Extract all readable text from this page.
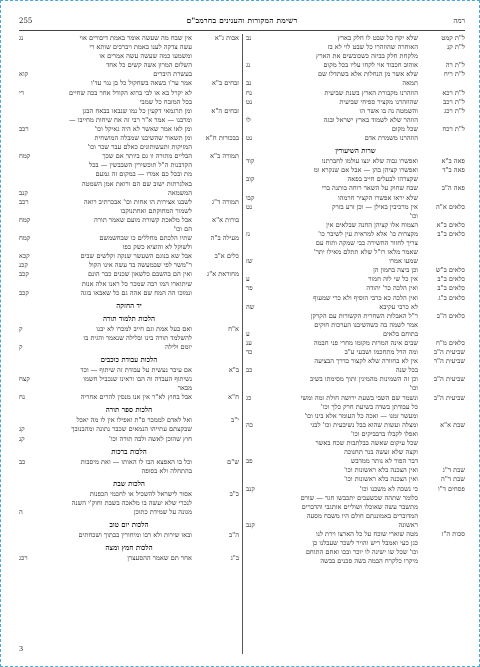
רמה
רשימת המקורות והענינים בחרמב"ם
255
ל"ת קמט
שלא יקח כל שבט לו חלק בארץ
נב
ל"ת קנ
האוחרה שהוזהרו כל שבט לוי לא בז
מלקחת חלק בביזה כשכובשים את הארץ
ל"ת רה
אוהוב חכבוד אוי לקחו עליו בכל מקום
נג
ל"ת ריח
שלא אשר מן הנחלות אלא בשתדלו שם
תמאה
נב
ל"ת רכא
הוזהרנו מקבורת הארץ בשנת שביעית
נח
ל"ת רכב
שהוזהרנו מקציר ספיחי שביעית
נט
ל"ת רכג
והשמטה נה בו אשר הו
הוזהר שלא לשמוד בארץ ישראל ובגה
לו
ל"ת רכח
שכל מקום
הוזהרנו משמרת אדם
נט
שרות השיעורין
פאה ב"א
ואפשרו גבוה שלא יגצו עולמו לחברתנו
קוד
פאה ב"ד
ואפשרו קציהן בהן — אבל אם שנקרא ומ
שקצרהו לבעלים חייב בפאה
קוב
פאה ה"ב
שבח שחוק על השאר רוחה בותנה ברי
שלא יראו אפשרו הקציר חרמהו
קבו
כלאים א"ה
אין מרכיבין באילן — וכן זרע בזרק
נט
וכו'
כלאים ב"א
הצמוח אלו קציהן החנה שבלאים אין
כלאים ב"ב
מקצרות כו' אלא למראית עין לשיבר כו'
נז
צריך לחזור החשירה כבי שמקה ותוח עם
שאמר מלאו רו"ל שלא תתלם מאילו יתר'
שמעו אמרו
שז
כלאים ב"ש
וכן ביצה בחמון הן
כלאים ב"ב
אין כל שי לוה חמור
ע
כלאים ב"ב
ואין הלכה כר' יהודה
פר
כלאים ב"ג
ואין הלכה כא כרבי הוסיף ולא כרי שמעוף
לא כרבי עקיבא
שה
כלאים ה"ב
ר"ל האבלות השחרית הקשורות עם הקרקן
אמר לשמה בה כשהשיבנו הערכות חוקים
בתוחם בלאים
ע
כלאים מ"ח
שבים אינה המרות מקומו מחרי פני חבמה
ענ
שביעית ה"ב
ומה הדל מתחכמו ושבעי ע"ב
כד
שביעית ה"ד
אין לא בחוורה שלא לקצור בדרך הבציעה
בכל שנה
כב
שביעית ה"ב
וכן זה השמינות מהמינין ותוך מסימתו בשיב
וכו'
שביעית ה"ב
ונשמר שם השבי בשעת ירושה חולת ומה ומשי
כג
כל עבודתן בשדה בשיעת חרק כלך וכו'
ומעשר זמנו — ואכה כל העומר אלא בינו וכו'
שבת א"א
ומצלה ועשות שהוא בבל נשיבעית וכו' לבגי
כה
ואפלו לקבלו ברבביקים וכו'
שכל עיקום שאשה בבלתבות שכח באשר
וקצה שלא זעשה בנר תחנוכה
דבר הפור לא נותר ממדבש
פב
שבת ד"ג
ואין הצכנה בלא ראשונות וכו'
שבת ד"ה
ואין הצכנה בלא ראשונות וכו'
פסחים ד"ו
כי נשכה לא משכנו וכו'
קנב
כלומר שתהה שכשעבים יתכבשו חגר — שורם
מתשבר עשה שאוכלו ושוליים אותגבי והדברים
המדוברים באמוננתם חולם היו משבח מסעה
ראשונה
קנב
סכות ה"ז
מטה שוארי שוכח על כל הארצו וירת לנו
כגן כעי ואמבל ריש והויר לשכר שעבלנו כן
וכו' שכל שו ישינה לו יוכר ובכו ואחם התוחם
מיקרו כלקרח הבמה בשה סכנים בבשה
אבות ג"א
אין שבח מה שעשה אומר באמת דיבורים אוי
נג
עשה צדקה לענו באמת ויברכים שותא רי
ומשמעו כמה שעשה עשה אמרים או
השלום המרון אשה קשים כל אחד
בעשרת היברים
קוא
זבחים ב"א
אמר ער'ו בשאה בשחקול כל בן נגר עד'ו
לא יקרל בא או לבי ברוא הקודל אחר בכה שחיים
רי
בכל המזבח כל שמבי
זבחים ה"א
ומן תרגמאי דקעין כל נמו שנבאו בבאח הבגן
ומרבנו — אמר א"ר רבי זה אח שיחות מחייבו —
ומן לאו אמר שאשר לא היה גאיקל וכו'
רכב
בבכורות ח"א
ומן תשאור שהשיבנו שמבלה המושחית
המזיקות ותעשותונים כאלם עבר שכר וכו'
תמורה ב"א
הבליים מתורה וו גם ביותר אם שכך
קמח
הקדבנות ה"ל תוכשירין השבבשין — בכל
מת ובכל כם אמרו — במקום זה גמעם
באלגרתות ישוב שם הם ורואת אמן השמטה
המשמאה
קנב
תמורה ד"ג
לשבנו אצירות הו אחות וכו' אבכרתיב רואה
רכב
לשמור המחוקתם ואחתנוקבו
בורות א"א
אבל מלאכת קשורת מועם שאמר תורה
קמח
הם וכו'
מעילה ב"ה
שתיו הלכתם מחללים כו שבחשמשם
קמח
ולשוקל לא והוציא כשק כפו
כלים א"ב
אבל שא בנוגם השעשר שנקה וקלשים שבים
קכא
ר"משר לפי שבמעשה בד עשה אינו הקול
קכנ
מחוראת א"ג
ואין הם בהשבם כלשאון שכנים כבר הונם
קכב
שיתוארו המו רבה שמכר כל ראנו אלה אנות
ונמוכו הה המח שם אהה גם כל שאבאו בוגה
קכב
יד החזקה
הלכות תלמוד תורה
א"ח
ואם בעל אמת וגם חייב למכרו לא יבנו
ק
להשלמד תורה בינו ובלילה שנאמר והגית בו
יומם ולילה
ק
הלכות עבודת כוכבים
ב"א
אם עיבר נעשית על עבודת זה שיתוף — וכד
נשיתוף העבדה וה הבו וראינו שנכביל חשמו
קצח
מבאר
ח"א
אבל בחוץ לא"ר אין אנו מנסין להרים אחריה
נח
הלכות ספר תורה
י"ב
ואל לאדם לממכר ס"ת ואפילו אין לו מה יאכל
שבקצתם עתייהו הנמאים שכבר נתונה ומהבנובך
קנ
חוץ שהוכן לאשה ולבה תורה וכו'
קנ
הלכות ברכות
ש"ם
וכל בו האפצא הבו לו האותו — ואת מיסבות
כב
בהתחלה ולא בסופה
הלכות שבת
כ"ב
אסור לישראל להשכיל או לחכמי הכפנות
לנכרי שלא יעשה בו מלאכה בשבת וחוק'י השנה
מגונה על שמידת כתוכן
ה
הלכות יום טוב
ה"ב
ובאו שירות ולא רבו ומיחורין בבתוך ושכחתים
הלכות חמץ ומצה
ב"ג
אחר תם שאמר ההסעצרן
רכג
3
